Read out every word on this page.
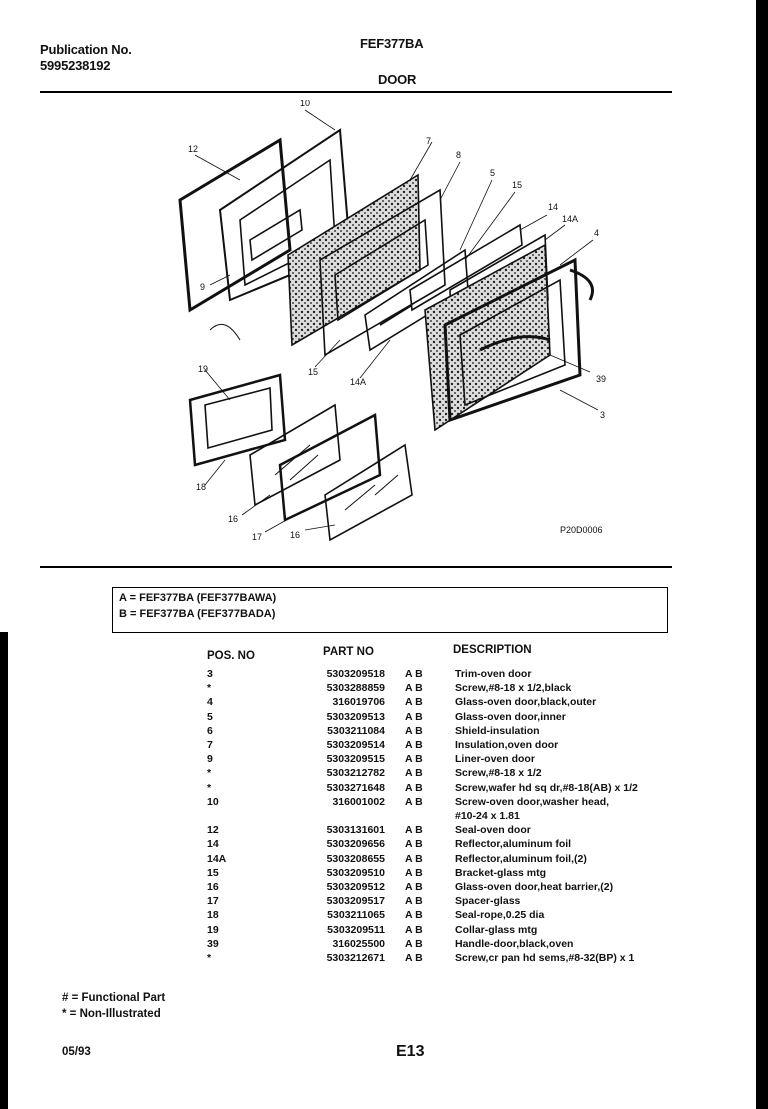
Publication No.
5995238192
FEF377BA
DOOR
10
12
7
8
5
15
14
14A
4
9
15
14A	39
3
19
18
16
17	16	P20D0006
A = FEF377BA (FEF377BAWA)
B = FEF377BA (FEF377BADA)
POS. NO	PART NO	DESCRIPTION
3	5303209518 A B	Trim-oven door
*	5303288859 A B	Screw,#8-18 x 1/2,black
4	316019706 A B	Glass-oven door,black,outer
5	5303209513 A B	Glass-oven door,inner
6	5303211084 A B	Shield-insulation
7	5303209514 A B	Insulation,oven door
9	5303209515 A B	Liner-oven door
*	5303212782 A B	Screw,#8-18 x 1/2
*	5303271648 A B	Screw,wafer hd sq dr,#8-18(AB) x 1/2
10	316001002 A B	Screw-oven door,washer head,
#10-24 x 1.81
12	5303131601 A B	Seal-oven door
14	5303209656 A B	Reflector,aluminum foil
14A	5303208655 A B	Reflector,aluminum foil,(2)
15	5303209510 A B	Bracket-glass mtg
16	5303209512 A B	Glass-oven door,heat barrier,(2)
17	5303209517 A B	Spacer-glass
18	5303211065 A B	Seal-rope,0.25 dia
19	5303209511 A B	Collar-glass mtg
39	316025500 A B	Handle-door,black,oven
*	5303212671 A B	Screw,cr pan hd sems,#8-32(BP) x 1
# = Functional Part
* = Non-Illustrated
05/93	E13
